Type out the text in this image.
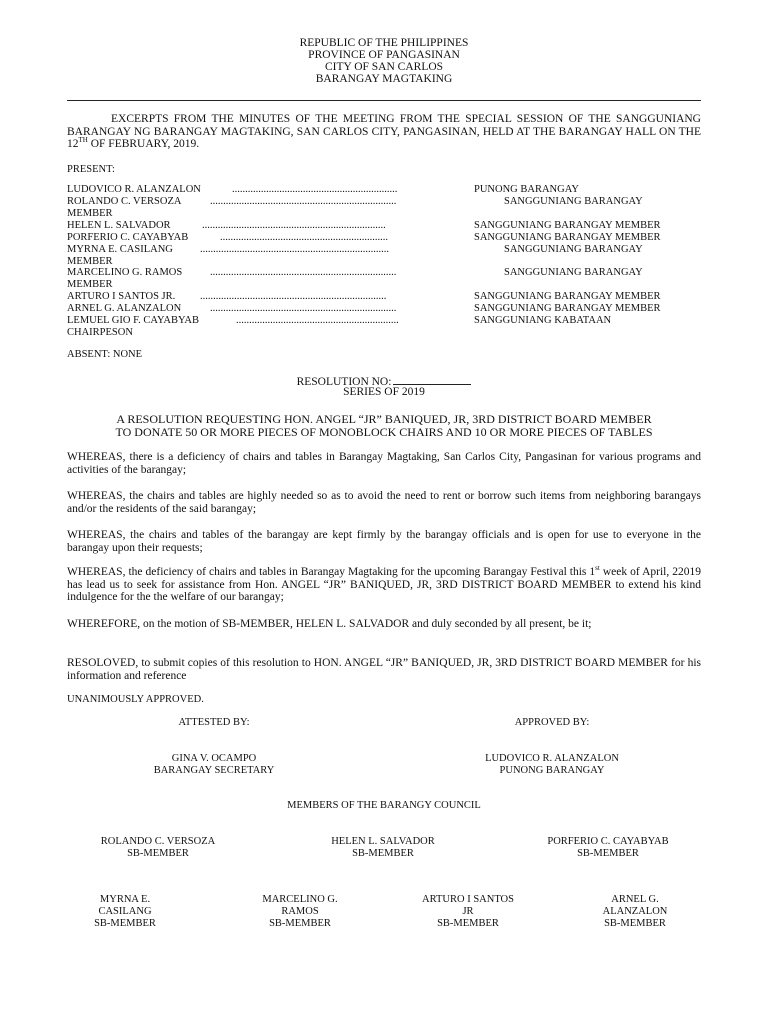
REPUBLIC OF THE PHILIPPINES
PROVINCE OF PANGASINAN
CITY OF SAN CARLOS
BARANGAY MAGTAKING
EXCERPTS FROM THE MINUTES OF THE MEETING FROM THE SPECIAL SESSION OF THE SANGGUNIANG BARANGAY NG BARANGAY MAGTAKING, SAN CARLOS CITY, PANGASINAN, HELD AT THE BARANGAY HALL ON THE 12TH OF FEBRUARY, 2019.
PRESENT:
LUDOVICO R. ALANZALON	...............................................................	PUNONG BARANGAY
ROLANDO C. VERSOZA	.......................................................................	SANGGUNIANG BARANGAY
MEMBER
HELEN L. SALVADOR	......................................................................	SANGGUNIANG BARANGAY MEMBER
PORFERIO C. CAYABYAB	................................................................	SANGGUNIANG BARANGAY MEMBER
MYRNA E. CASILANG	........................................................................	SANGGUNIANG BARANGAY
MEMBER
MARCELINO G. RAMOS	.......................................................................	SANGGUNIANG BARANGAY
MEMBER
ARTURO I SANTOS JR. .......................................................................	SANGGUNIANG BARANGAY MEMBER
ARNEL G. ALANZALON	.......................................................................	SANGGUNIANG BARANGAY MEMBER
LEMUEL GIO F. CAYABYAB	..............................................................	SANGGUNIANG KABATAAN
CHAIRPESON
ABSENT: NONE
RESOLUTION NO:
SERIES OF 2019
A RESOLUTION REQUESTING HON. ANGEL “JR” BANIQUED, JR, 3RD DISTRICT BOARD MEMBER
TO DONATE 50 OR MORE PIECES OF MONOBLOCK CHAIRS AND 10 OR MORE PIECES OF TABLES
WHEREAS, there is a deficiency of chairs and tables in Barangay Magtaking, San Carlos City, Pangasinan for various programs and activities of the barangay;
WHEREAS, the chairs and tables are highly needed so as to avoid the need to rent or borrow such items from neighboring barangays and/or the residents of the said barangay;
WHEREAS, the chairs and tables of the barangay are kept firmly by the barangay officials and is open for use to everyone in the barangay upon their requests;
WHEREAS, the deficiency of chairs and tables in Barangay Magtaking for the upcoming Barangay Festival this 1st week of April, 22019 has lead us to seek for assistance from Hon. ANGEL “JR” BANIQUED, JR, 3RD DISTRICT BOARD MEMBER to extend his kind indulgence for the the welfare of our barangay;
WHEREFORE, on the motion of SB-MEMBER, HELEN L. SALVADOR and duly seconded by all present, be it;
RESOLOVED, to submit copies of this resolution to HON. ANGEL “JR” BANIQUED, JR, 3RD DISTRICT BOARD MEMBER for his information and reference
UNANIMOUSLY APPROVED.
ATTESTED BY:	APPROVED BY:
GINA V. OCAMPO
BARANGAY SECRETARY
LUDOVICO R. ALANZALON
PUNONG BARANGAY
MEMBERS OF THE BARANGY COUNCIL
ROLANDO C. VERSOZA
SB-MEMBER
HELEN L. SALVADOR
SB-MEMBER
PORFERIO C. CAYABYAB
SB-MEMBER
MYRNA E.
CASILANG
SB-MEMBER
MARCELINO G.
RAMOS
SB-MEMBER
ARTURO I SANTOS
JR
SB-MEMBER
ARNEL G.
ALANZALON
SB-MEMBER
